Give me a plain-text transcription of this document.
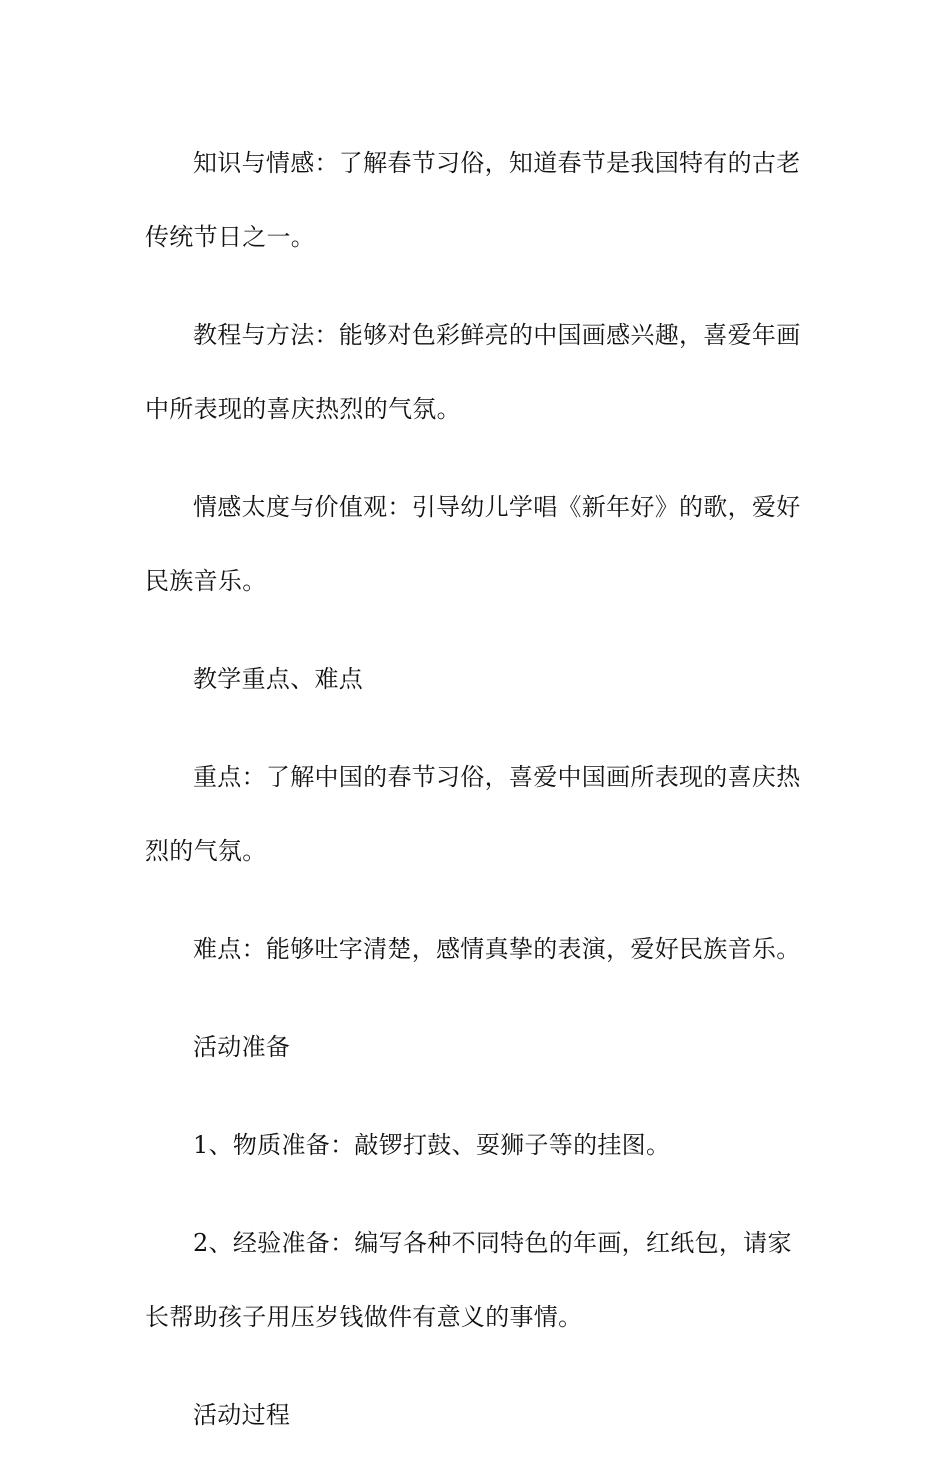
知识与情感：了解春节习俗，知道春节是我国特有的古老传统节日之一。

教程与方法：能够对色彩鲜亮的中国画感兴趣，喜爱年画中所表现的喜庆热烈的气氛。

情感太度与价值观：引导幼儿学唱《新年好》的歌，爱好民族音乐。

教学重点、难点

重点：了解中国的春节习俗，喜爱中国画所表现的喜庆热烈的气氛。

难点：能够吐字清楚，感情真挚的表演，爱好民族音乐。

活动准备

1、物质准备：敲锣打鼓、耍狮子等的挂图。

2、经验准备：编写各种不同特色的年画，红纸包，请家长帮助孩子用压岁钱做件有意义的事情。

活动过程
